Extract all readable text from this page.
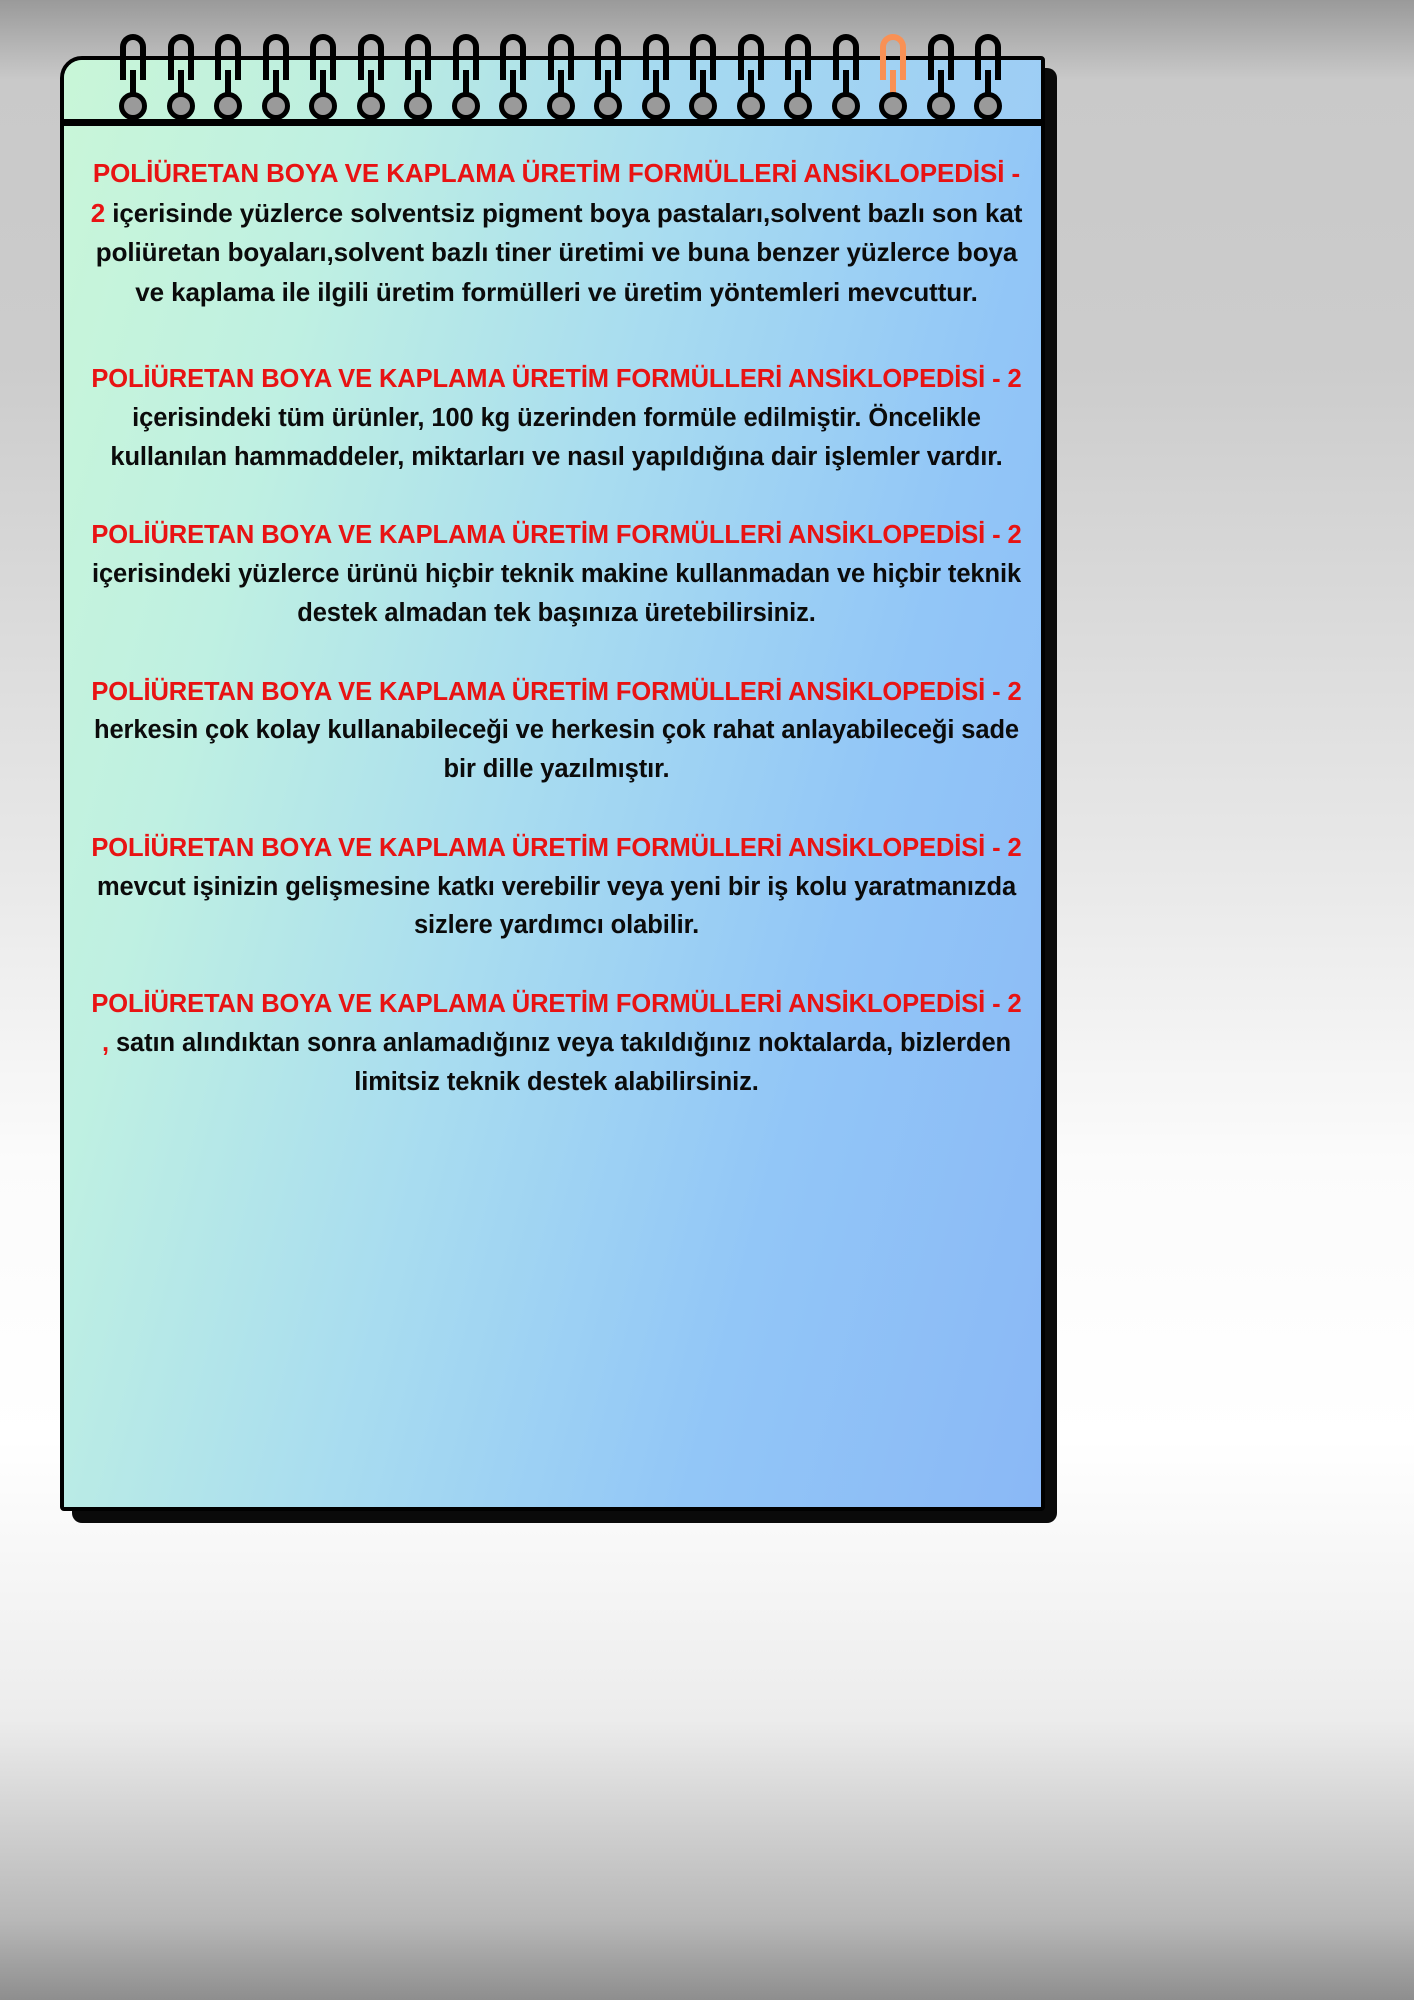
POLİÜRETAN BOYA VE KAPLAMA ÜRETİM FORMÜLLERİ ANSİKLOPEDİSİ - 2 içerisinde yüzlerce solventsiz pigment boya pastaları,solvent bazlı son kat poliüretan boyaları,solvent bazlı tiner üretimi ve buna benzer yüzlerce boya ve kaplama ile ilgili üretim formülleri ve üretim yöntemleri mevcuttur.

POLİÜRETAN BOYA VE KAPLAMA ÜRETİM FORMÜLLERİ ANSİKLOPEDİSİ - 2 içerisindeki tüm ürünler, 100 kg üzerinden formüle edilmiştir. Öncelikle kullanılan hammaddeler, miktarları ve nasıl yapıldığına dair işlemler vardır.

POLİÜRETAN BOYA VE KAPLAMA ÜRETİM FORMÜLLERİ ANSİKLOPEDİSİ - 2 içerisindeki yüzlerce ürünü hiçbir teknik makine kullanmadan ve hiçbir teknik destek almadan tek başınıza üretebilirsiniz.

POLİÜRETAN BOYA VE KAPLAMA ÜRETİM FORMÜLLERİ ANSİKLOPEDİSİ - 2 herkesin çok kolay kullanabileceği ve herkesin çok rahat anlayabileceği sade bir dille yazılmıştır.

POLİÜRETAN BOYA VE KAPLAMA ÜRETİM FORMÜLLERİ ANSİKLOPEDİSİ - 2 mevcut işinizin gelişmesine katkı verebilir veya yeni bir iş kolu yaratmanızda sizlere yardımcı olabilir.

POLİÜRETAN BOYA VE KAPLAMA ÜRETİM FORMÜLLERİ ANSİKLOPEDİSİ - 2 , satın alındıktan sonra anlamadığınız veya takıldığınız noktalarda, bizlerden limitsiz teknik destek alabilirsiniz.
